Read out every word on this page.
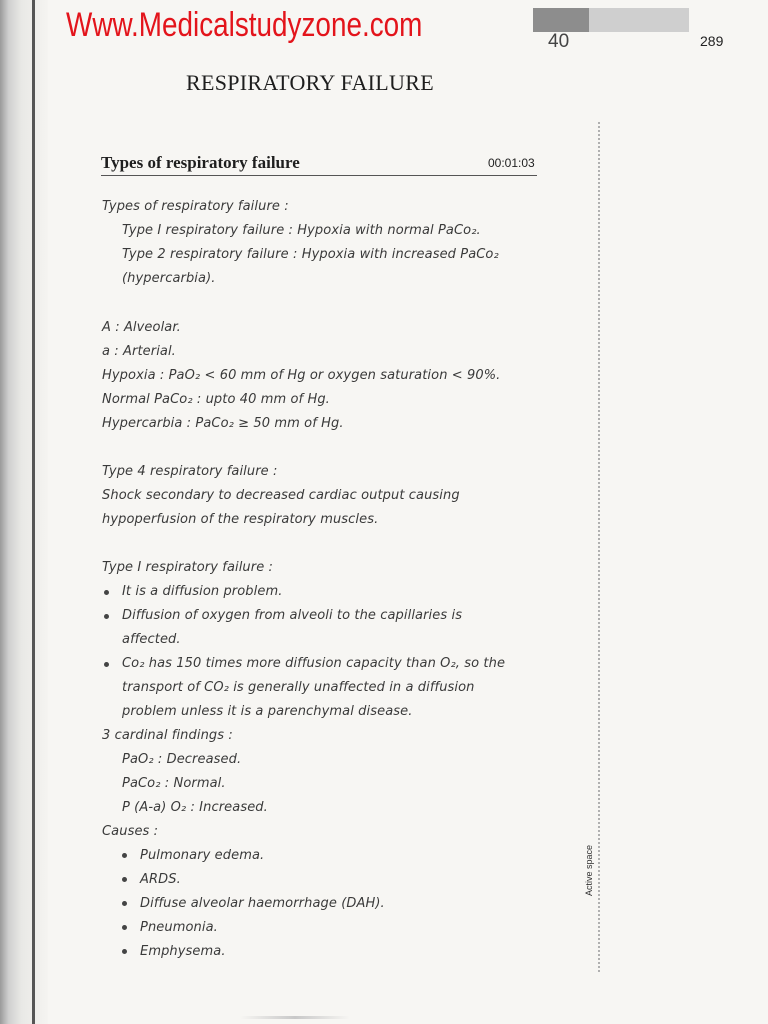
Www.Medicalstudyzone.com	40	289
RESPIRATORY FAILURE
Types of respiratory failure	00:01:03
Active space
Types of respiratory failure :
Type I respiratory failure : Hypoxia with normal PaCo₂.
Type 2 respiratory failure : Hypoxia with increased PaCo₂
(hypercarbia).
A : Alveolar.
a : Arterial.
Hypoxia : PaO₂ < 60 mm of Hg or oxygen saturation < 90%.
Normal PaCo₂ : upto 40 mm of Hg.
Hypercarbia : PaCo₂ ≥ 50 mm of Hg.
Type 4 respiratory failure :
Shock secondary to decreased cardiac output causing
hypoperfusion of the respiratory muscles.
Type I respiratory failure :
It is a diffusion problem.
Diffusion of oxygen from alveoli to the capillaries is
affected.
Co₂ has 150 times more diffusion capacity than O₂, so the
transport of CO₂ is generally unaffected in a diffusion
problem unless it is a parenchymal disease.
3 cardinal findings :
PaO₂ : Decreased.
PaCo₂ : Normal.
P (A-a) O₂ : Increased.
Causes :
Pulmonary edema.
ARDS.
Diffuse alveolar haemorrhage (DAH).
Pneumonia.
Emphysema.
